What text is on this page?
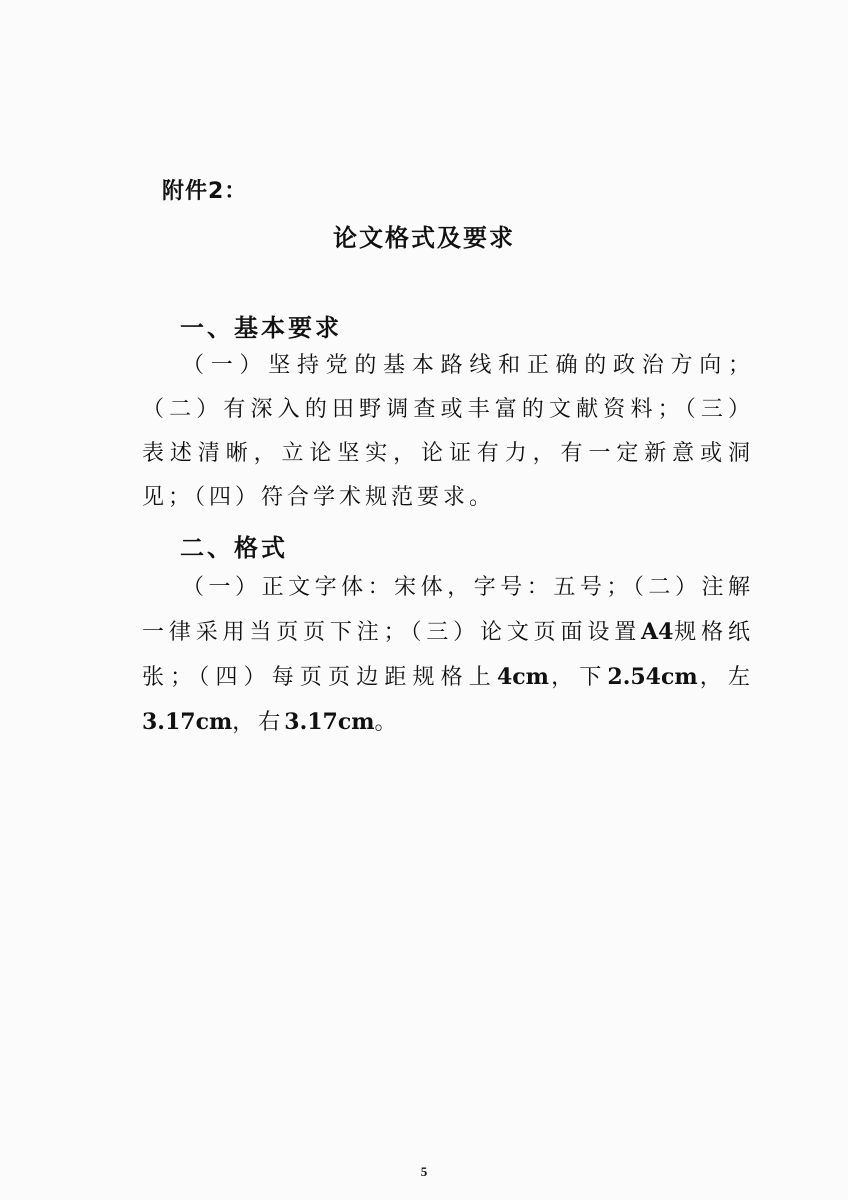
附件2：
论文格式及要求
一、基本要求

（一）坚持党的基本路线和正确的政治方向；（二）有深入的田野调查或丰富的文献资料；（三）表述清晰，立论坚实，论证有力，有一定新意或洞见；（四）符合学术规范要求。

二、格式

（一）正文字体：宋体，字号：五号；（二）注解一律采用当页页下注；（三）论文页面设置A4规格纸张；（四）每页页边距规格上4cm，下2.54cm，左3.17cm，右3.17cm。

5
